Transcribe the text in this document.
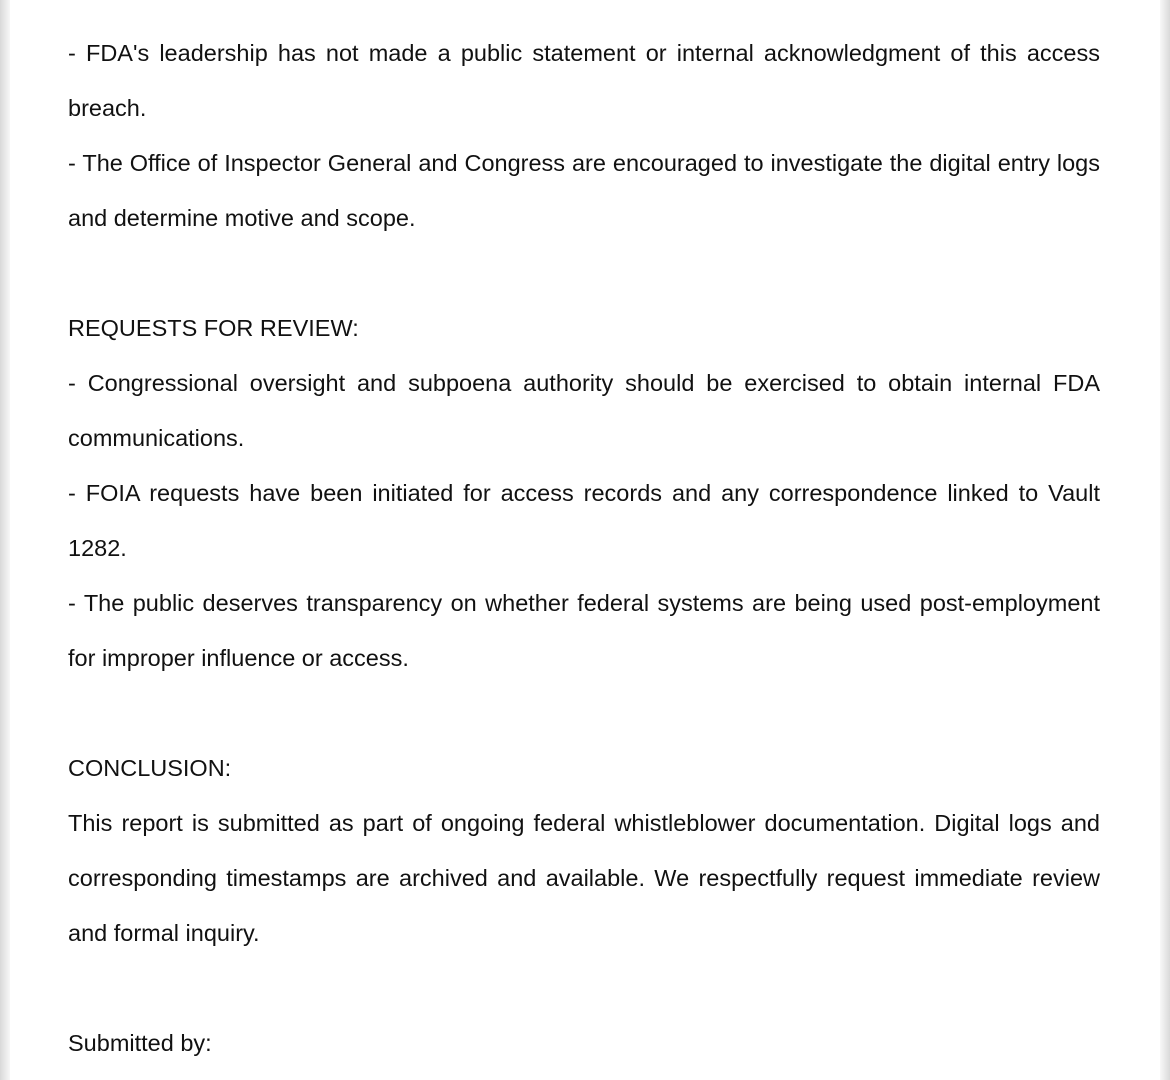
- FDA's leadership has not made a public statement or internal acknowledgment of this access breach.

- The Office of Inspector General and Congress are encouraged to investigate the digital entry logs and determine motive and scope.

REQUESTS FOR REVIEW:

- Congressional oversight and subpoena authority should be exercised to obtain internal FDA communications.

- FOIA requests have been initiated for access records and any correspondence linked to Vault 1282.

- The public deserves transparency on whether federal systems are being used post-employment for improper influence or access.

CONCLUSION:

This report is submitted as part of ongoing federal whistleblower documentation. Digital logs and corresponding timestamps are archived and available. We respectfully request immediate review and formal inquiry.

Submitted by:
